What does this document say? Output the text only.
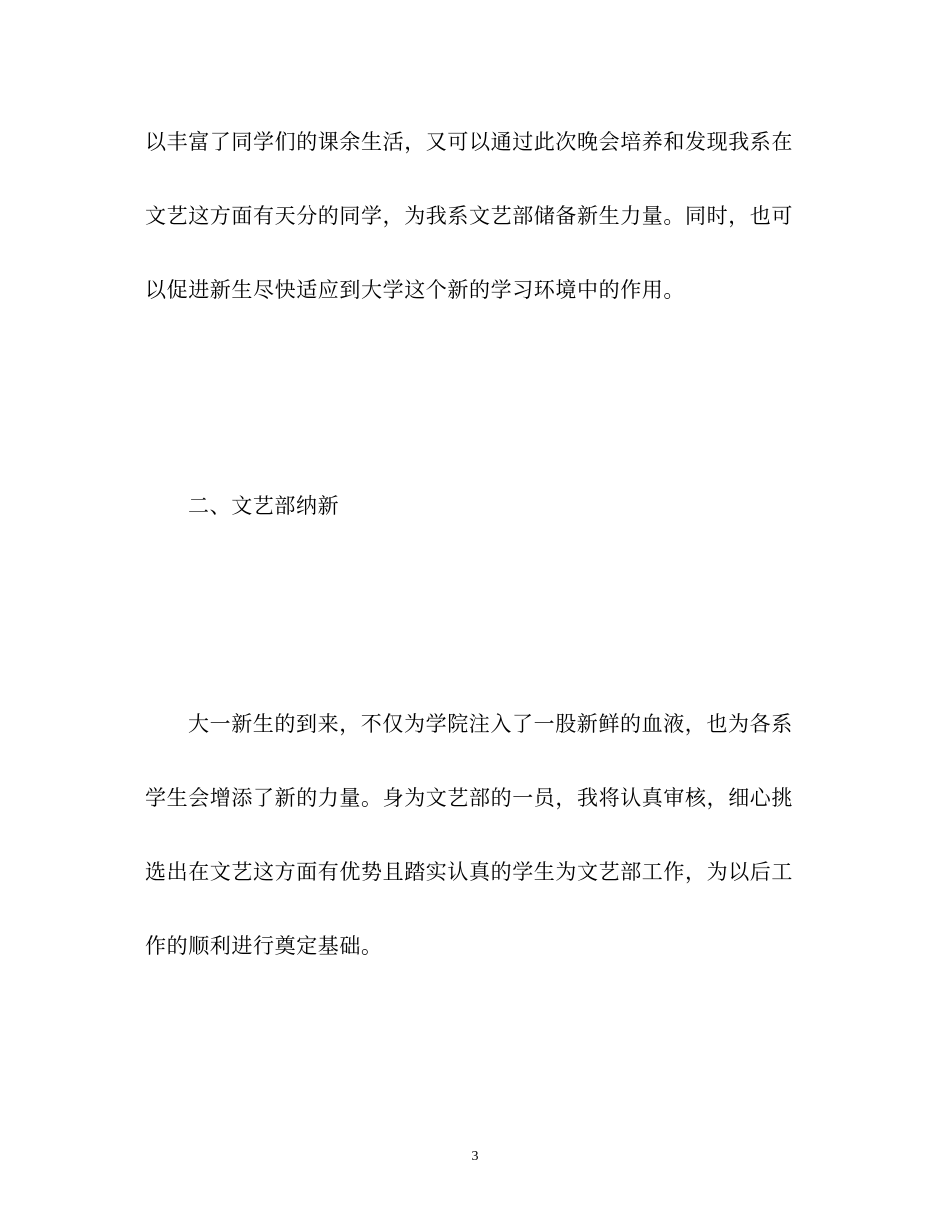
以丰富了同学们的课余生活，又可以通过此次晚会培养和发现我系在
文艺这方面有天分的同学，为我系文艺部储备新生力量。同时，也可
以促进新生尽快适应到大学这个新的学习环境中的作用。
二、文艺部纳新
大一新生的到来，不仅为学院注入了一股新鲜的血液，也为各系
学生会增添了新的力量。身为文艺部的一员，我将认真审核，细心挑
选出在文艺这方面有优势且踏实认真的学生为文艺部工作，为以后工
作的顺利进行奠定基础。
3
